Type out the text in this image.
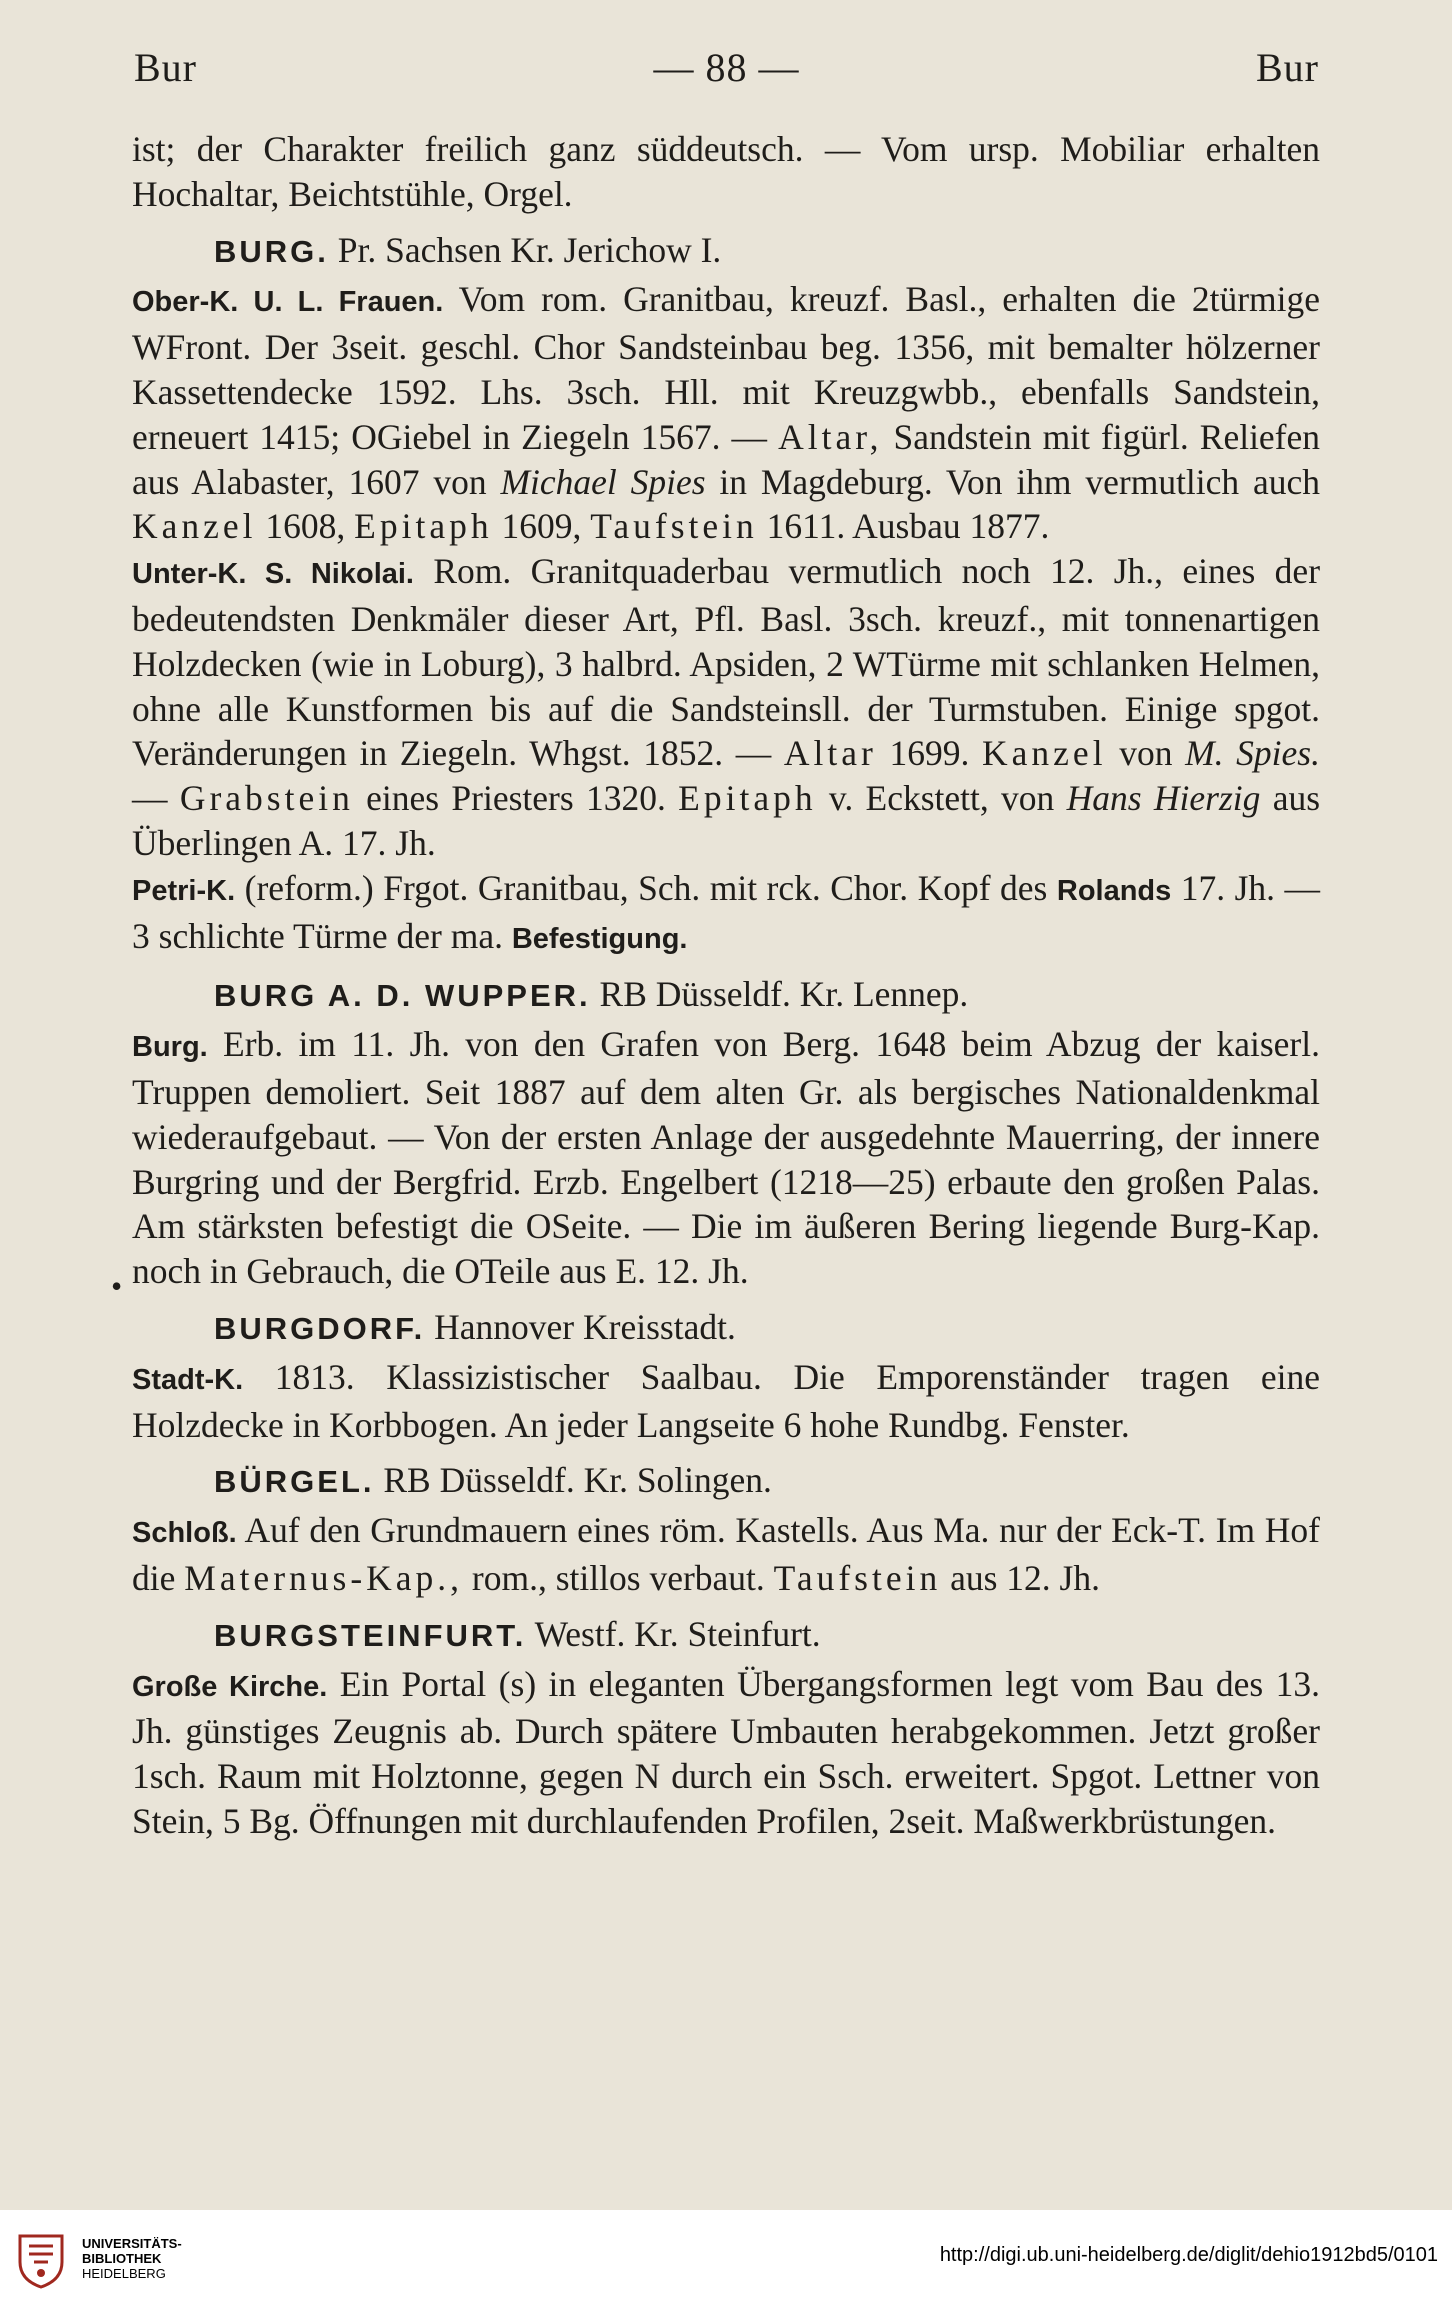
Bur	— 88 —	Bur
•

ist; der Charakter freilich ganz süddeutsch. — Vom ursp. Mobiliar erhalten Hochaltar, Beichtstühle, Orgel.

BURG. Pr. Sachsen Kr. Jerichow I.

Ober-K. U. L. Frauen. Vom rom. Granitbau, kreuzf. Basl., erhalten die 2türmige WFront. Der 3seit. geschl. Chor Sandsteinbau beg. 1356, mit bemalter hölzerner Kassettendecke 1592. Lhs. 3sch. Hll. mit Kreuzgwbb., ebenfalls Sandstein, erneuert 1415; OGiebel in Ziegeln 1567. — Altar, Sandstein mit figürl. Reliefen aus Alabaster, 1607 von Michael Spies in Magdeburg. Von ihm vermutlich auch Kanzel 1608, Epitaph 1609, Taufstein 1611. Ausbau 1877.

Unter-K. S. Nikolai. Rom. Granitquaderbau vermutlich noch 12. Jh., eines der bedeutendsten Denkmäler dieser Art, Pfl. Basl. 3sch. kreuzf., mit tonnenartigen Holzdecken (wie in Loburg), 3 halbrd. Apsiden, 2 WTürme mit schlanken Helmen, ohne alle Kunstformen bis auf die Sandsteinsll. der Turmstuben. Einige spgot. Veränderungen in Ziegeln. Whgst. 1852. — Altar 1699. Kanzel von M. Spies. — Grabstein eines Priesters 1320. Epitaph v. Eckstett, von Hans Hierzig aus Überlingen A. 17. Jh.

Petri-K. (reform.) Frgot. Granitbau, Sch. mit rck. Chor. Kopf des Rolands 17. Jh. — 3 schlichte Türme der ma. Befestigung.

BURG A. D. WUPPER. RB Düsseldf. Kr. Lennep.

Burg. Erb. im 11. Jh. von den Grafen von Berg. 1648 beim Abzug der kaiserl. Truppen demoliert. Seit 1887 auf dem alten Gr. als bergisches Nationaldenkmal wiederaufgebaut. — Von der ersten Anlage der ausgedehnte Mauerring, der innere Burgring und der Bergfrid. Erzb. Engelbert (1218—25) erbaute den großen Palas. Am stärksten befestigt die OSeite. — Die im äußeren Bering liegende Burg-Kap. noch in Gebrauch, die OTeile aus E. 12. Jh.

BURGDORF. Hannover Kreisstadt.

Stadt-K. 1813. Klassizistischer Saalbau. Die Emporenständer tragen eine Holzdecke in Korbbogen. An jeder Langseite 6 hohe Rundbg. Fenster.

BÜRGEL. RB Düsseldf. Kr. Solingen.

Schloß. Auf den Grundmauern eines röm. Kastells. Aus Ma. nur der Eck-T. Im Hof die Maternus-Kap., rom., stillos verbaut. Taufstein aus 12. Jh.

BURGSTEINFURT. Westf. Kr. Steinfurt.

Große Kirche. Ein Portal (s) in eleganten Übergangsformen legt vom Bau des 13. Jh. günstiges Zeugnis ab. Durch spätere Umbauten herabgekommen. Jetzt großer 1sch. Raum mit Holztonne, gegen N durch ein Ssch. erweitert. Spgot. Lettner von Stein, 5 Bg. Öffnungen mit durchlaufenden Profilen, 2seit. Maßwerkbrüstungen.

UNIVERSITÄTS-
BIBLIOTHEK
HEIDELBERG
http://digi.ub.uni-heidelberg.de/diglit/dehio1912bd5/0101
